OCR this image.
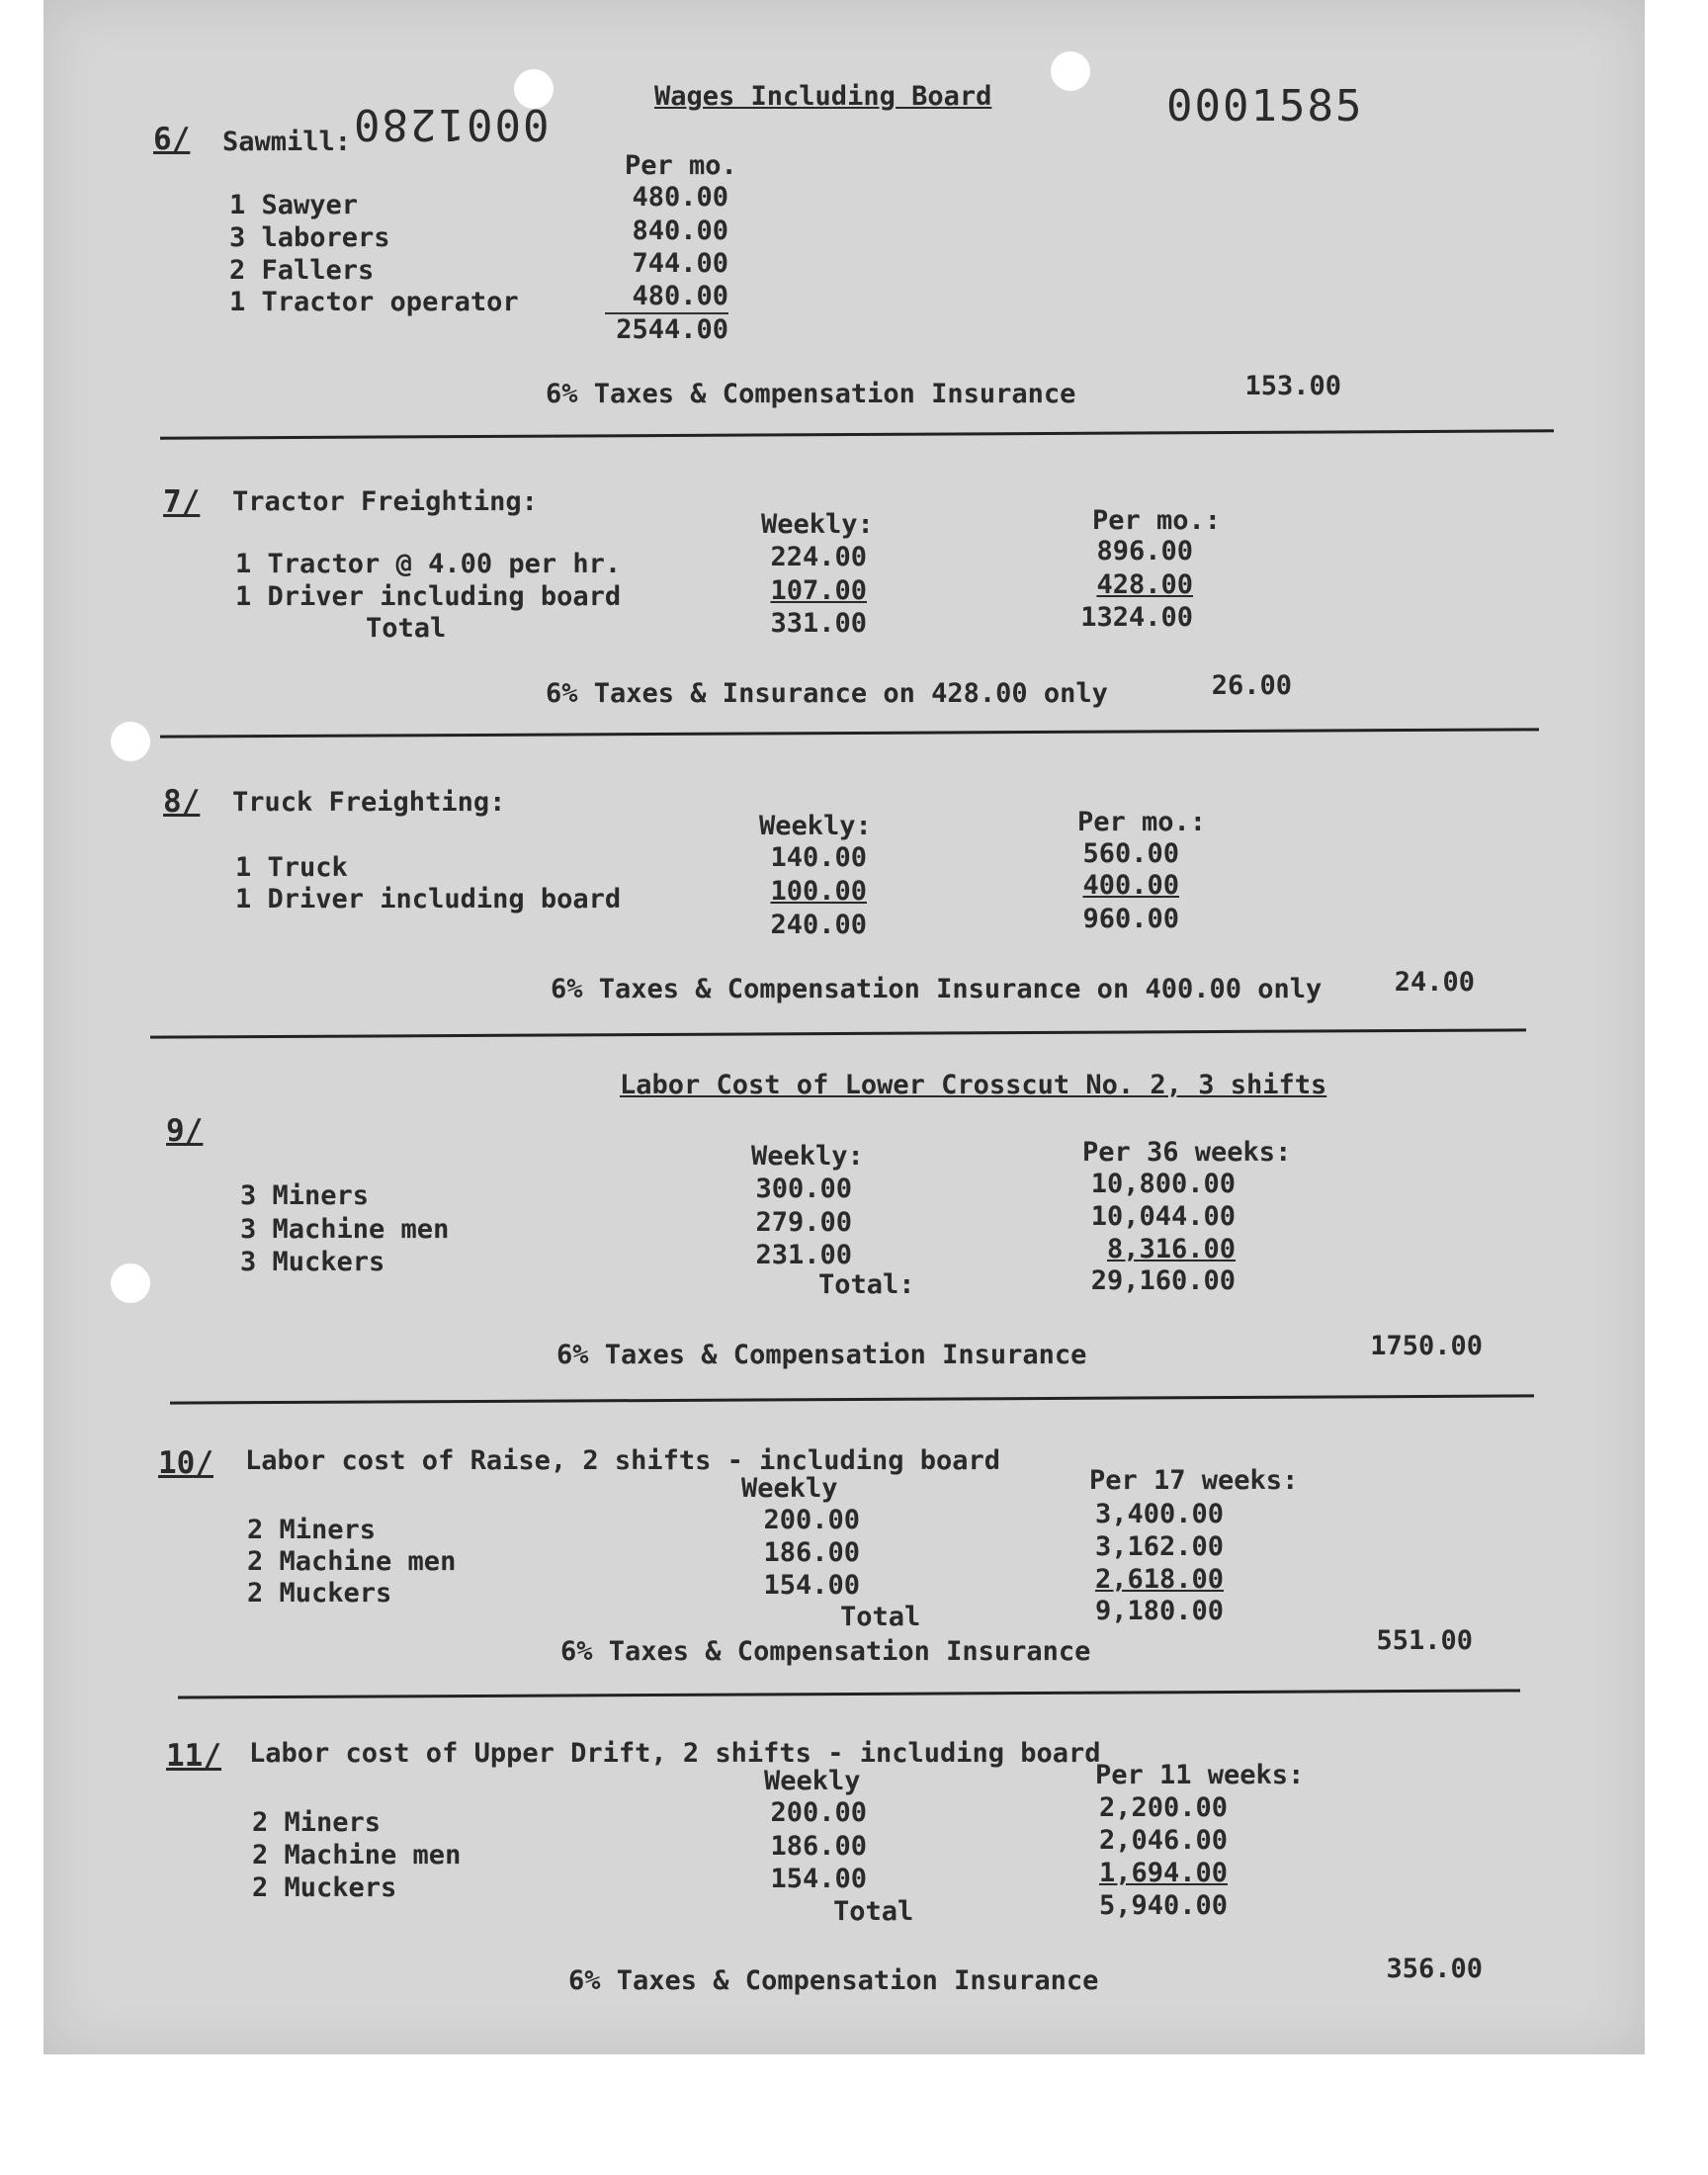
Wages Including Board	0001585
0001280
6/ Sawmill:
Per mo.
1 Sawyer	480.00
3 laborers	840.00
2 Fallers	744.00
1 Tractor operator	480.00
2544.00
6% Taxes & Compensation Insurance	153.00
7/ Tractor Freighting:
Weekly:	Per mo.:
1 Tractor @ 4.00 per hr.	224.00	896.00
1 Driver including board	107.00	428.00
Total	331.00	1324.00
6% Taxes & Insurance on 428.00 only	26.00
8/ Truck Freighting:
Weekly:	Per mo.:
1 Truck	140.00	560.00
1 Driver including board	100.00	400.00
240.00	960.00
6% Taxes & Compensation Insurance on 400.00 only	24.00
Labor Cost of Lower Crosscut No. 2, 3 shifts
9/
Weekly:	Per 36 weeks:
3 Miners	300.00	10,800.00
3 Machine men	279.00	10,044.00
3 Muckers	231.00	8,316.00
Total:	29,160.00
6% Taxes & Compensation Insurance	1750.00
10/ Labor cost of Raise, 2 shifts - including board
Weekly	Per 17 weeks:
2 Miners	200.00	3,400.00
2 Machine men	186.00	3,162.00
2 Muckers	154.00	2,618.00
Total	9,180.00
6% Taxes & Compensation Insurance	551.00
11/ Labor cost of Upper Drift, 2 shifts - including board
Weekly	Per 11 weeks:
2 Miners	200.00	2,200.00
2 Machine men	186.00	2,046.00
2 Muckers	154.00	1,694.00
Total	5,940.00
6% Taxes & Compensation Insurance	356.00
